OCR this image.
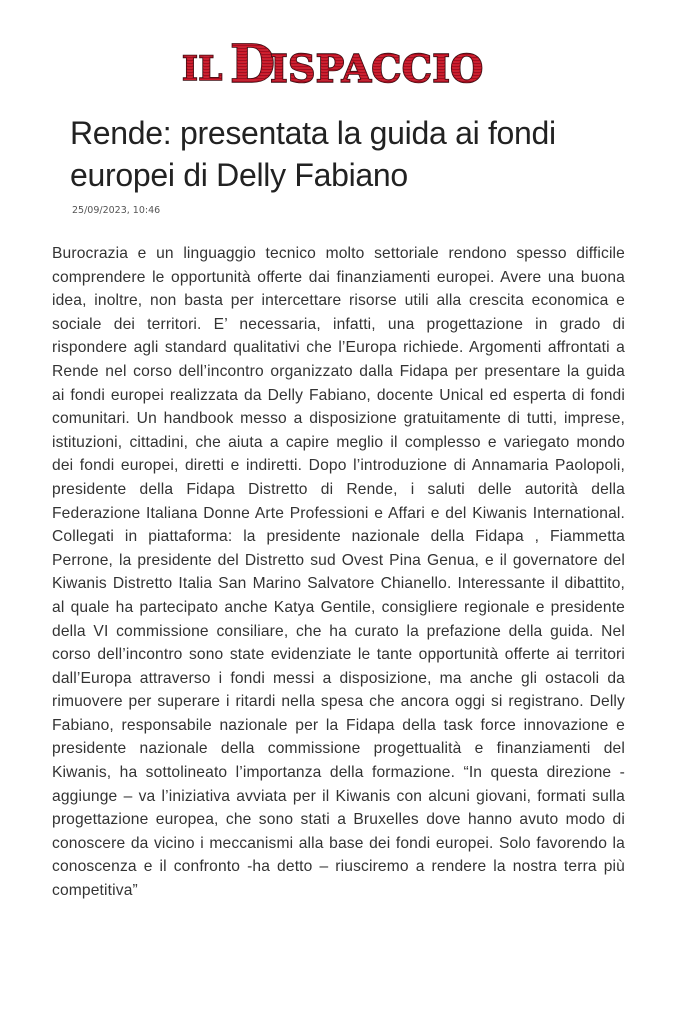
IL D
ISPACCIO
Rende: presentata la guida ai fondi europei di Delly Fabiano
25/09/2023, 10:46

Burocrazia e un linguaggio tecnico molto settoriale rendono spesso difficile comprendere le opportunità offerte dai finanziamenti europei. Avere una buona idea, inoltre, non basta per intercettare risorse utili alla crescita economica e sociale dei territori. E’ necessaria, infatti, una progettazione in grado di rispondere agli standard qualitativi che l’Europa richiede. Argomenti affrontati a Rende nel corso dell’incontro organizzato dalla Fidapa per presentare la guida ai fondi europei realizzata da Delly Fabiano, docente Unical ed esperta di fondi comunitari. Un handbook messo a disposizione gratuitamente di tutti, imprese, istituzioni, cittadini, che aiuta a capire meglio il complesso e variegato mondo dei fondi europei, diretti e indiretti. Dopo l’introduzione di Annamaria Paolopoli, presidente della Fidapa Distretto di Rende, i saluti delle autorità della Federazione Italiana Donne Arte Professioni e Affari e del Kiwanis International. Collegati in piattaforma: la presidente nazionale della Fidapa , Fiammetta Perrone, la presidente del Distretto sud Ovest Pina Genua, e il governatore del Kiwanis Distretto Italia San Marino Salvatore Chianello. Interessante il dibattito, al quale ha partecipato anche Katya Gentile, consigliere regionale e presidente della VI commissione consiliare, che ha curato la prefazione della guida. Nel corso dell’incontro sono state evidenziate le tante opportunità offerte ai territori dall’Europa attraverso i fondi messi a disposizione, ma anche gli ostacoli da rimuovere per superare i ritardi nella spesa che ancora oggi si registrano. Delly Fabiano, responsabile nazionale per la Fidapa della task force innovazione e presidente nazionale della commissione progettualità e finanziamenti del Kiwanis, ha sottolineato l’importanza della formazione. “In questa direzione -aggiunge – va l’iniziativa avviata per il Kiwanis con alcuni giovani, formati sulla progettazione europea, che sono stati a Bruxelles dove hanno avuto modo di conoscere da vicino i meccanismi alla base dei fondi europei. Solo favorendo la conoscenza e il confronto -ha detto – riusciremo a rendere la nostra terra più competitiva”
